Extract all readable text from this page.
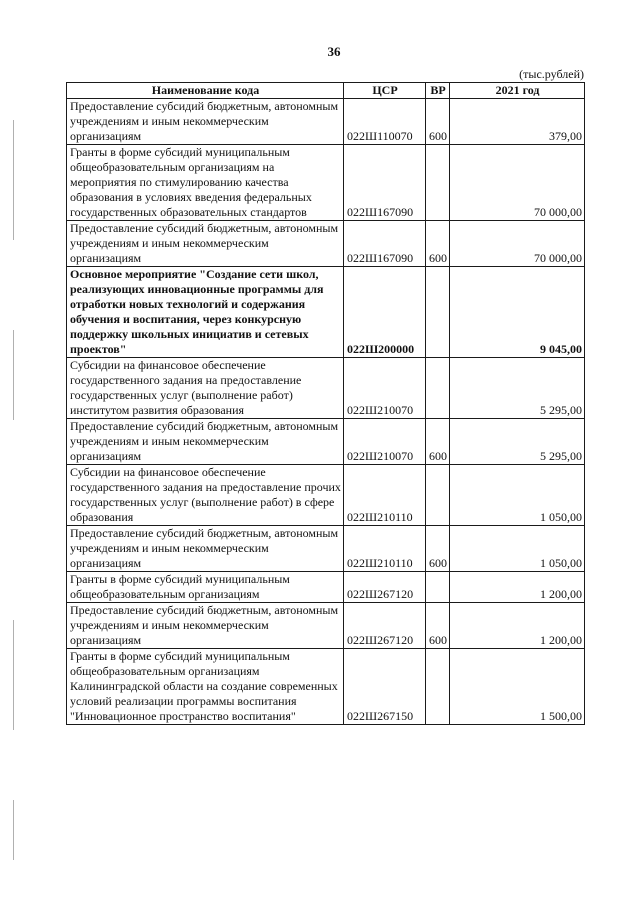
36
(тыс.рублей)
Наименование кода	ЦСР	ВР	2021 год
Предоставление субсидий бюджетным, автономным учреждениям и иным некоммерческим организациям	022Ш110070	600	379,00
Гранты в форме субсидий муниципальным общеобразовательным организациям на мероприятия по стимулированию качества образования в условиях введения федеральных государственных образовательных стандартов	022Ш167090		70 000,00
Предоставление субсидий бюджетным, автономным учреждениям и иным некоммерческим организациям	022Ш167090	600	70 000,00
Основное мероприятие "Создание сети школ, реализующих инновационные программы для отработки новых технологий и содержания обучения и воспитания, через конкурсную поддержку школьных инициатив и сетевых проектов"	022Ш200000		9 045,00
Субсидии на финансовое обеспечение государственного задания на предоставление государственных услуг (выполнение работ) институтом развития образования	022Ш210070		5 295,00
Предоставление субсидий бюджетным, автономным учреждениям и иным некоммерческим организациям	022Ш210070	600	5 295,00
Субсидии на финансовое обеспечение государственного задания на предоставление прочих государственных услуг (выполнение работ) в сфере образования	022Ш210110		1 050,00
Предоставление субсидий бюджетным, автономным учреждениям и иным некоммерческим организациям	022Ш210110	600	1 050,00
Гранты в форме субсидий муниципальным общеобразовательным организациям	022Ш267120		1 200,00
Предоставление субсидий бюджетным, автономным учреждениям и иным некоммерческим организациям	022Ш267120	600	1 200,00
Гранты в форме субсидий муниципальным общеобразовательным организациям Калининградской области на создание современных условий реализации программы воспитания "Инновационное пространство воспитания"	022Ш267150		1 500,00
